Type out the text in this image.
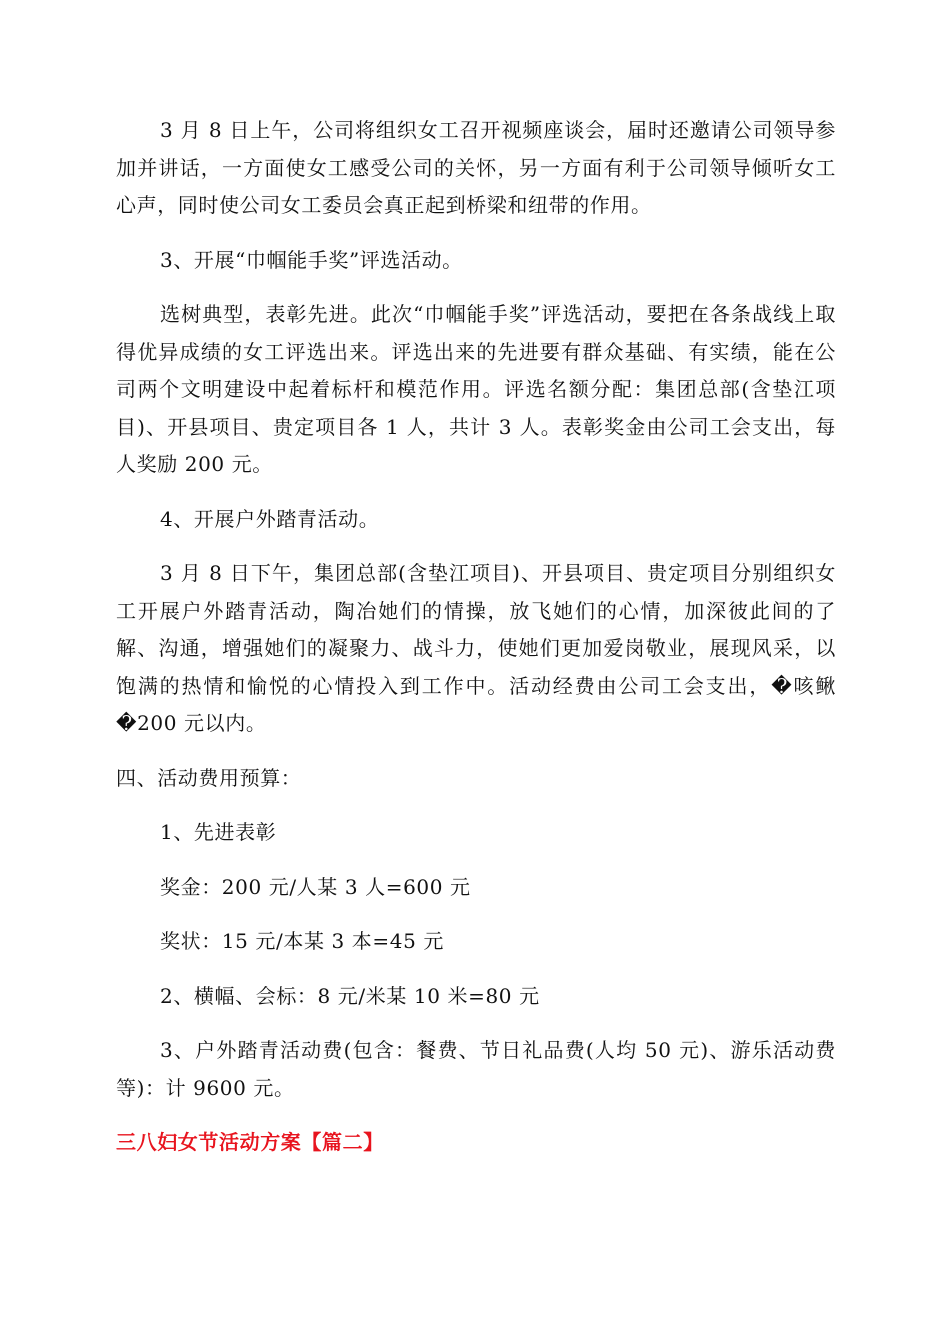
3 月 8 日上午，公司将组织女工召开视频座谈会，届时还邀请公司领导参加并讲话，一方面使女工感受公司的关怀，另一方面有利于公司领导倾听女工心声，同时使公司女工委员会真正起到桥梁和纽带的作用。

3、开展“巾帼能手奖”评选活动。

选树典型，表彰先进。此次“巾帼能手奖”评选活动，要把在各条战线上取得优异成绩的女工评选出来。评选出来的先进要有群众基础、有实绩，能在公司两个文明建设中起着标杆和模范作用。评选名额分配：集团总部(含垫江项目)、开县项目、贵定项目各 1 人，共计 3 人。表彰奖金由公司工会支出，每人奖励 200 元。

4、开展户外踏青活动。

3 月 8 日下午，集团总部(含垫江项目)、开县项目、贵定项目分别组织女工开展户外踏青活动，陶冶她们的情操，放飞她们的心情，加深彼此间的了解、沟通，增强她们的凝聚力、战斗力，使她们更加爱岗敬业，展现风采，以饱满的热情和愉悦的心情投入到工作中。活动经费由公司工会支出，�咳鳅�200 元以内。

四、活动费用预算：

1、先进表彰

奖金：200 元/人某 3 人=600 元

奖状：15 元/本某 3 本=45 元

2、横幅、会标：8 元/米某 10 米=80 元

3、户外踏青活动费(包含：餐费、节日礼品费(人均 50 元)、游乐活动费等)：计 9600 元。

三八妇女节活动方案【篇二】
